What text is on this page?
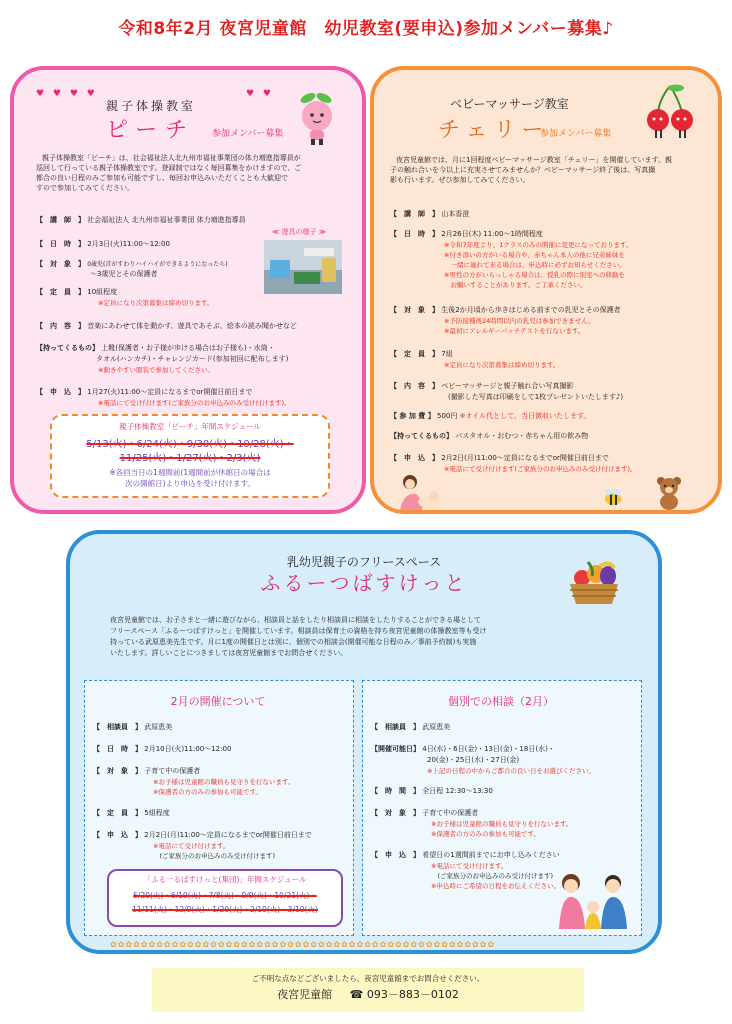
令和8年2月 夜宮児童館　幼児教室(要申込)参加メンバー募集♪
♥ ♥ ♥ ♥	♥ ♥
親子体操教室
ピーチ 参加メンバー募集
親子体操教室「ピーチ」は、社会福祉法人北九州市福祉事業団の体力増進指導員が
巡回して行っている親子体操教室です。登録制ではなく毎回募集をかけますので、ご
都合の良い日程のみご参加も可能ですし、毎回お申込みいただくことも大歓迎で
すので参加してみてください。
【　講　師　】 社会福祉法人 北九州市福祉事業団 体力増進指導員
【　日　時　】 2月3日(火)11:00～12:00
【　対　象　】 0歳児(首がすわりハイハイができるようになったら)
～3歳児とその保護者
≪ 遊具の様子 ≫
【　定　員　】 10組程度
※定員になり次第募集は締め切ります。
【　内　容　】 音楽にあわせて体を動かす、遊具であそぶ、絵本の読み聞かせなど
【持ってくるもの】 上靴(保護者・お子様が歩ける場合はお子様も)・水筒・
タオル(ハンカチ)・チャレンジカード(参加初回に配布します)
※動きやすい服装で参加してください。
【　申　込　】 1月27(火)11:00～定員になるまでor開催日前日まで
※電話にて受け付けます(ご家族分のお申込みのみ受け付けます)。
親子体操教室「ピーチ」年間スケジュール
5/13(火)・6/24(火)・9/30(火)・10/28(火)・
11/25(火)・1/27(火)・2/3(火)
※各回当日の1週間前(1週間前が休館日の場合は
次の開館日)より申込を受け付けます。
ベビーマッサージ教室
チェリー
参加メンバー募集
夜宮児童館では、月に1回程度ベビーマッサージ教室「チェリー」を開催しています。親
子の触れ合いを今以上に充実させてみませんか？ベビーマッサージ終了後は、写真撮
影も行います。ぜひ参加してみてください。
【　講　師　】 山本香澄
【　日　時　】 2月26日(木) 11:00～1時間程度
※令和7年度より、1クラスのみの開催に変更になっております。
※付き添いの方がいる場合や、赤ちゃん本人の他に兄弟姉妹を
　一緒に連れて来る場合は、申込時に必ずお知らせください。
※男性の方がいらっしゃる場合は、授乳の際に別室への移動を
　お願いすることがあります。ご了承ください。
【　対　象　】 生後2か月頃から歩きはじめる前までの乳児とその保護者
※予防接種後24時間以内の乳児は参加できません。
※最初にアレルギーパッチテストを行ないます。
【　定　員　】 7組
※定員になり次第募集は締め切ります。
【　内　容　】 ベビーマッサージと親子触れ合い写真撮影
(撮影した写真は印刷をして1枚プレゼントいたします♪)
【 参 加 費 】 500円 ※オイル代として、当日徴収いたします。
【持ってくるもの】 バスタオル・おむつ・赤ちゃん用の飲み物
【　申　込　】 2月2日(月)11:00～定員になるまでor開催日前日まで
※電話にて受け付けます(ご家族分のお申込みのみ受け付けます)。
乳幼児親子のフリースペース
ふるーつばすけっと
夜宮児童館では、お子さまと一緒に遊びながら、相談員と話をしたり相談員に相談をしたりすることができる場として
フリースペース「ふるーつばすけっと」を開催しています。相談員は保育士の資格を持ち夜宮児童館の体操教室等も受け
持っている武原恵美先生です。月に1度の開催日とは別に、個別での相談会(開催可能な日程のみ／事前予約制)も実施
いたします。詳しいことにつきましては夜宮児童館までお問合せください。
2月の開催について
【　相談員　】 武原恵美
【　日　時　】 2月10日(火)11:00～12:00
【　対　象　】 子育て中の保護者
※お子様は児童館の職員も見守りを行ないます。
※保護者の方のみの参加も可能です。
【　定　員　】 5組程度
【　申　込　】 2月2日(月)11:00～定員になるまでor開催日前日まで
※電話にて受け付けます。
　(ご家族分のお申込みのみ受け付けます)
「ふる一るばすけっと(集団)」年間スケジュール
5/20(火)・6/10(火)・7/8(火)・9/9(火)・10/21(火)・
11/11(火)・12/9(火)・1/20(火)・2/10(火)・3/10(火)
個別での相談（2月）
【　相談員　】 武原恵美
【開催可能日】 4日(水)・6日(金)・13日(金)・18日(水)・
20(金)・25日(水)・27日(金)
※上記の日程の中からご都合の良い日をお選びください。
【　時　間　】 全日程 12:30～13:30
【　対　象　】 子育て中の保護者
※お子様は児童館の職員も見守りを行ないます。
※保護者の方のみの参加も可能です。
【　申　込　】 希望日の1週間前までにお申し込みください
※電話にて受け付けます。
　(ご家族分のお申込みのみ受け付けます)
※申込時にご希望の日程をお伝えください。
✿✿✿✿✿✿✿✿✿✿✿✿✿✿✿✿✿✿✿✿✿✿✿✿✿✿✿✿✿✿✿✿✿✿✿✿✿✿✿✿✿✿✿✿✿✿✿✿✿✿
ご不明な点などございましたら、夜宮児童館までお問合せください。
夜宮児童館 ☎ 093－883－0102
